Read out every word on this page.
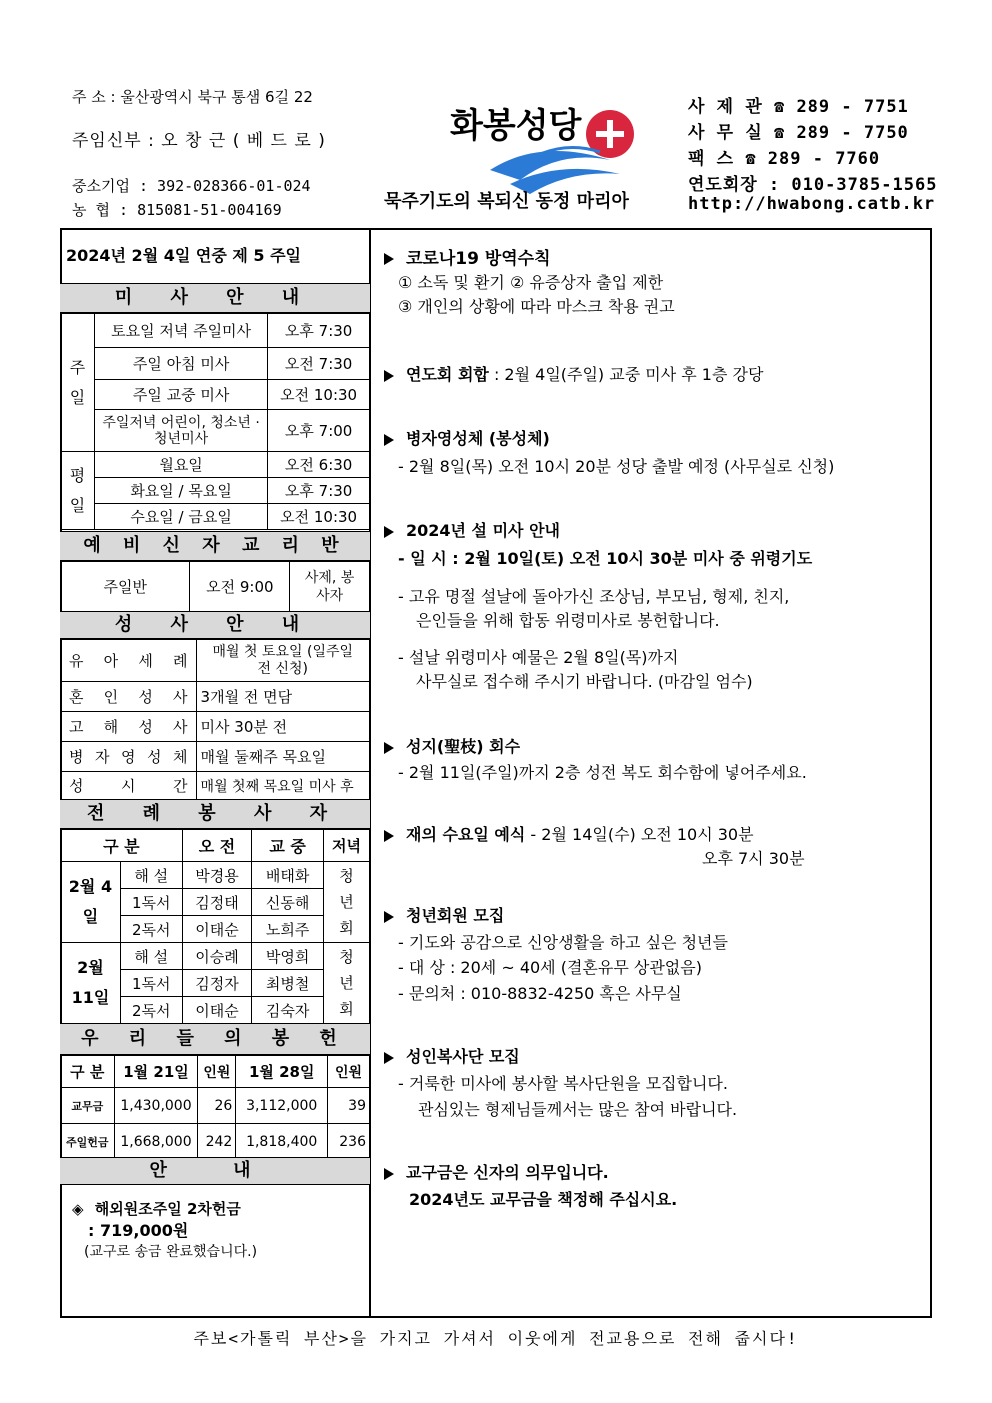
주 소 : 울산광역시 북구 통샘 6길 22
주임신부 : 오 창 근 ( 베 드 로 )
중소기업 : 392-028366-01-024
농 협 : 815081-51-004169
화봉성당
묵주기도의 복되신 동정 마리아
사 제 관 ☎ 289 - 7751
사 무 실 ☎ 289 - 7750
팩 스 ☎ 289 - 7760
연도회장 : 010-3785-1565
http://hwabong.catb.kr
2024년 2월 4일 연중 제 5 주일
미 사 안 내
주 일	토요일 저녁 주일미사	오후 7:30
	주일 아침 미사	오전 7:30
	주일 교중 미사	오전 10:30
	주일저녁 어린이, 청소년 · 청년미사	오후 7:00
평 일	월요일	오전 6:30
	화요일 / 목요일	오후 7:30
	수요일 / 금요일	오전 10:30
예 비 신 자 교 리 반
주일반	오전 9:00	사제, 봉사자
성 사 안 내
유 아 세 례	매월 첫 토요일 (일주일 전 신청)
혼 인 성 사	3개월 전 면담
고 해 성 사	미사 30분 전
병 자 영 성 체	매월 둘째주 목요일
성 시 간	매월 첫째 목요일 미사 후
전 례 봉 사 자
구 분		오 전	교 중	저녁
2월 4일	해 설	박경용	배태화	청년회
	1독서	김정태	신동해	
	2독서	이태순	노희주	
2월 11일	해 설	이승례	박영희	청년회
	1독서	김정자	최병철	
	2독서	이태순	김숙자	
우 리 들 의 봉 헌
구 분	1월 21일	인원	1월 28일	인원
교무금	1,430,000	26	3,112,000	39
주일헌금	1,668,000	242	1,818,400	236
안 내
◈ 해외원조주일 2차헌금
: 719,000원
(교구로 송금 완료했습니다.)
코로나19 방역수칙
① 소독 및 환기 ② 유증상자 출입 제한
③ 개인의 상황에 따라 마스크 착용 권고
연도회 회합 : 2월 4일(주일) 교중 미사 후 1층 강당
병자영성체 (봉성체)
- 2월 8일(목) 오전 10시 20분 성당 출발 예정 (사무실로 신청)
2024년 설 미사 안내
- 일 시 : 2월 10일(토) 오전 10시 30분 미사 중 위령기도
- 고유 명절 설날에 돌아가신 조상님, 부모님, 형제, 친지,
은인들을 위해 합동 위령미사로 봉헌합니다.
- 설날 위령미사 예물은 2월 8일(목)까지
사무실로 접수해 주시기 바랍니다. (마감일 엄수)
성지(聖枝) 회수
- 2월 11일(주일)까지 2층 성전 복도 회수함에 넣어주세요.
재의 수요일 예식 - 2월 14일(수) 오전 10시 30분
오후 7시 30분
청년회원 모집
- 기도와 공감으로 신앙생활을 하고 싶은 청년들
- 대 상 : 20세 ~ 40세 (결혼유무 상관없음)
- 문의처 : 010-8832-4250 혹은 사무실
성인복사단 모집
- 거룩한 미사에 봉사할 복사단원을 모집합니다.
관심있는 형제님들께서는 많은 참여 바랍니다.
교구금은 신자의 의무입니다.
2024년도 교무금을 책정해 주십시요.
주보<가톨릭 부산>을 가지고 가셔서 이웃에게 전교용으로 전해 줍시다!
